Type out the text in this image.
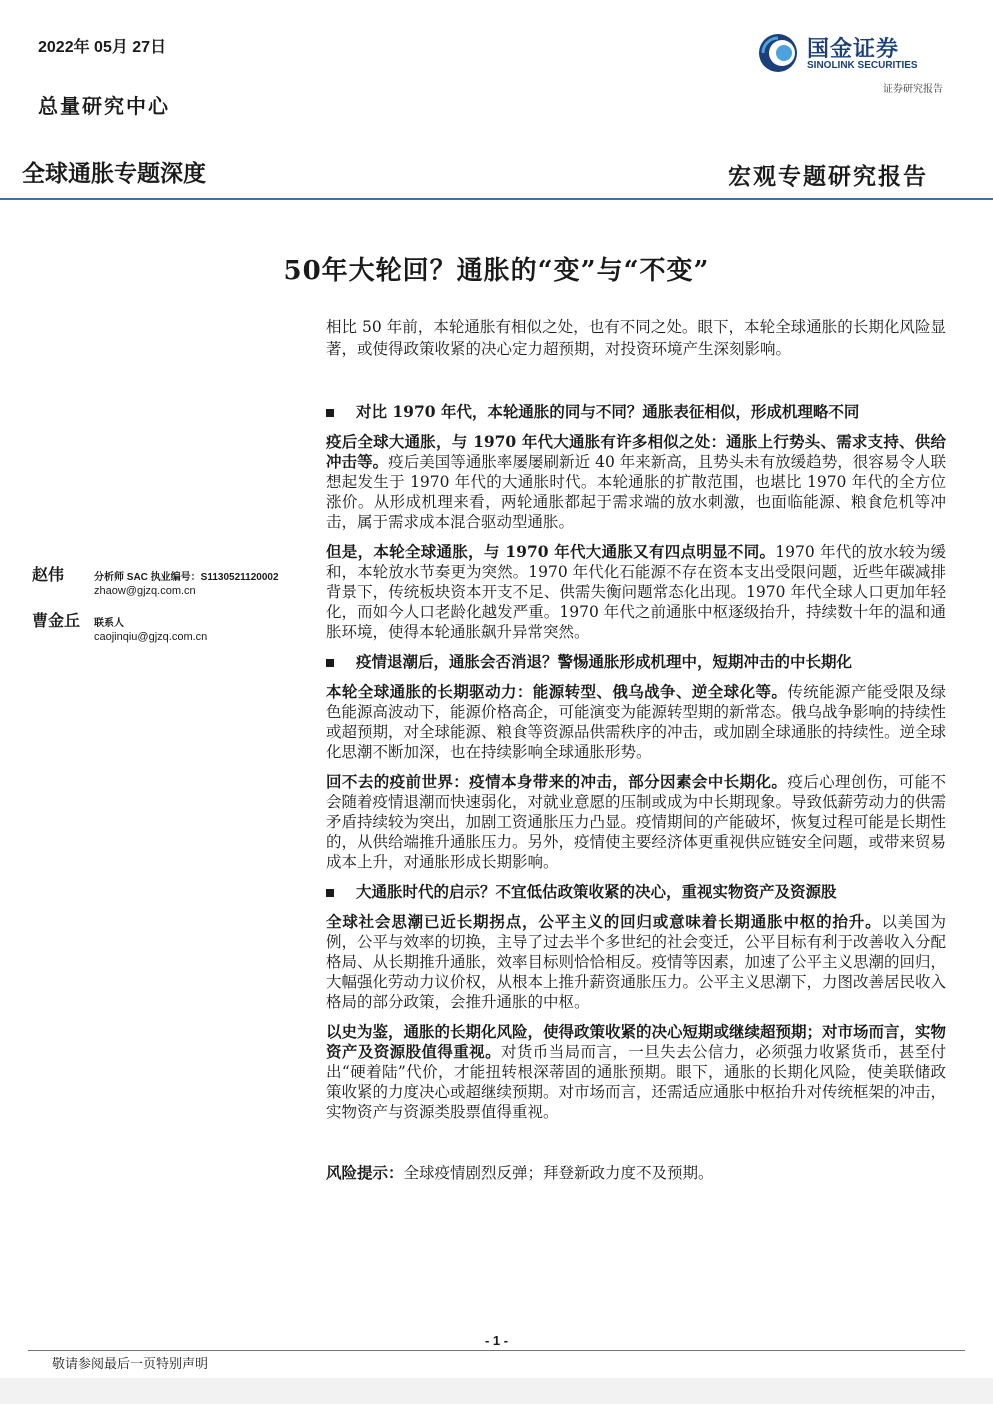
2022年 05月 27日
总量研究中心
国金证券
SINOLINK SECURITIES
证券研究报告
全球通胀专题深度	宏观专题研究报告
50年大轮回？通胀的“变”与“不变”
相比 50 年前，本轮通胀有相似之处，也有不同之处。眼下，本轮全球通胀的长期化风险显著，或使得政策收紧的决心定力超预期，对投资环境产生深刻影响。
对比 1970 年代，本轮通胀的同与不同？通胀表征相似，形成机理略不同
疫后全球大通胀，与 1970 年代大通胀有许多相似之处：通胀上行势头、需求支持、供给冲击等。疫后美国等通胀率屡屡刷新近 40 年来新高，且势头未有放缓趋势，很容易令人联想起发生于 1970 年代的大通胀时代。本轮通胀的扩散范围，也堪比 1970 年代的全方位涨价。从形成机理来看，两轮通胀都起于需求端的放水刺激，也面临能源、粮食危机等冲击，属于需求成本混合驱动型通胀。
但是，本轮全球通胀，与 1970 年代大通胀又有四点明显不同。1970 年代的放水较为缓和，本轮放水节奏更为突然。1970 年代化石能源不存在资本支出受限问题，近些年碳减排背景下，传统板块资本开支不足、供需失衡问题常态化出现。1970 年代全球人口更加年轻化，而如今人口老龄化越发严重。1970 年代之前通胀中枢逐级抬升，持续数十年的温和通胀环境，使得本轮通胀飙升异常突然。
疫情退潮后，通胀会否消退？警惕通胀形成机理中，短期冲击的中长期化
本轮全球通胀的长期驱动力：能源转型、俄乌战争、逆全球化等。传统能源产能受限及绿色能源高波动下，能源价格高企，可能演变为能源转型期的新常态。俄乌战争影响的持续性或超预期，对全球能源、粮食等资源品供需秩序的冲击，或加剧全球通胀的持续性。逆全球化思潮不断加深，也在持续影响全球通胀形势。
回不去的疫前世界：疫情本身带来的冲击，部分因素会中长期化。疫后心理创伤，可能不会随着疫情退潮而快速弱化，对就业意愿的压制或成为中长期现象。导致低薪劳动力的供需矛盾持续较为突出，加剧工资通胀压力凸显。疫情期间的产能破坏，恢复过程可能是长期性的，从供给端推升通胀压力。另外，疫情使主要经济体更重视供应链安全问题，或带来贸易成本上升，对通胀形成长期影响。
大通胀时代的启示？不宜低估政策收紧的决心，重视实物资产及资源股
全球社会思潮已近长期拐点，公平主义的回归或意味着长期通胀中枢的抬升。以美国为例，公平与效率的切换，主导了过去半个多世纪的社会变迁，公平目标有利于改善收入分配格局、从长期推升通胀，效率目标则恰恰相反。疫情等因素，加速了公平主义思潮的回归，大幅强化劳动力议价权，从根本上推升薪资通胀压力。公平主义思潮下，力图改善居民收入格局的部分政策，会推升通胀的中枢。
以史为鉴，通胀的长期化风险，使得政策收紧的决心短期或继续超预期；对市场而言，实物资产及资源股值得重视。对货币当局而言，一旦失去公信力，必须强力收紧货币，甚至付出“硬着陆”代价，才能扭转根深蒂固的通胀预期。眼下，通胀的长期化风险，使美联储政策收紧的力度决心或超继续预期。对市场而言，还需适应通胀中枢抬升对传统框架的冲击，实物资产与资源类股票值得重视。
赵伟	分析师 SAC 执业编号：S1130521120002
zhaow@gjzq.com.cn
曹金丘 联系人
caojinqiu@gjzq.com.cn
风险提示：全球疫情剧烈反弹；拜登新政力度不及预期。
- 1 -
敬请参阅最后一页特别声明
